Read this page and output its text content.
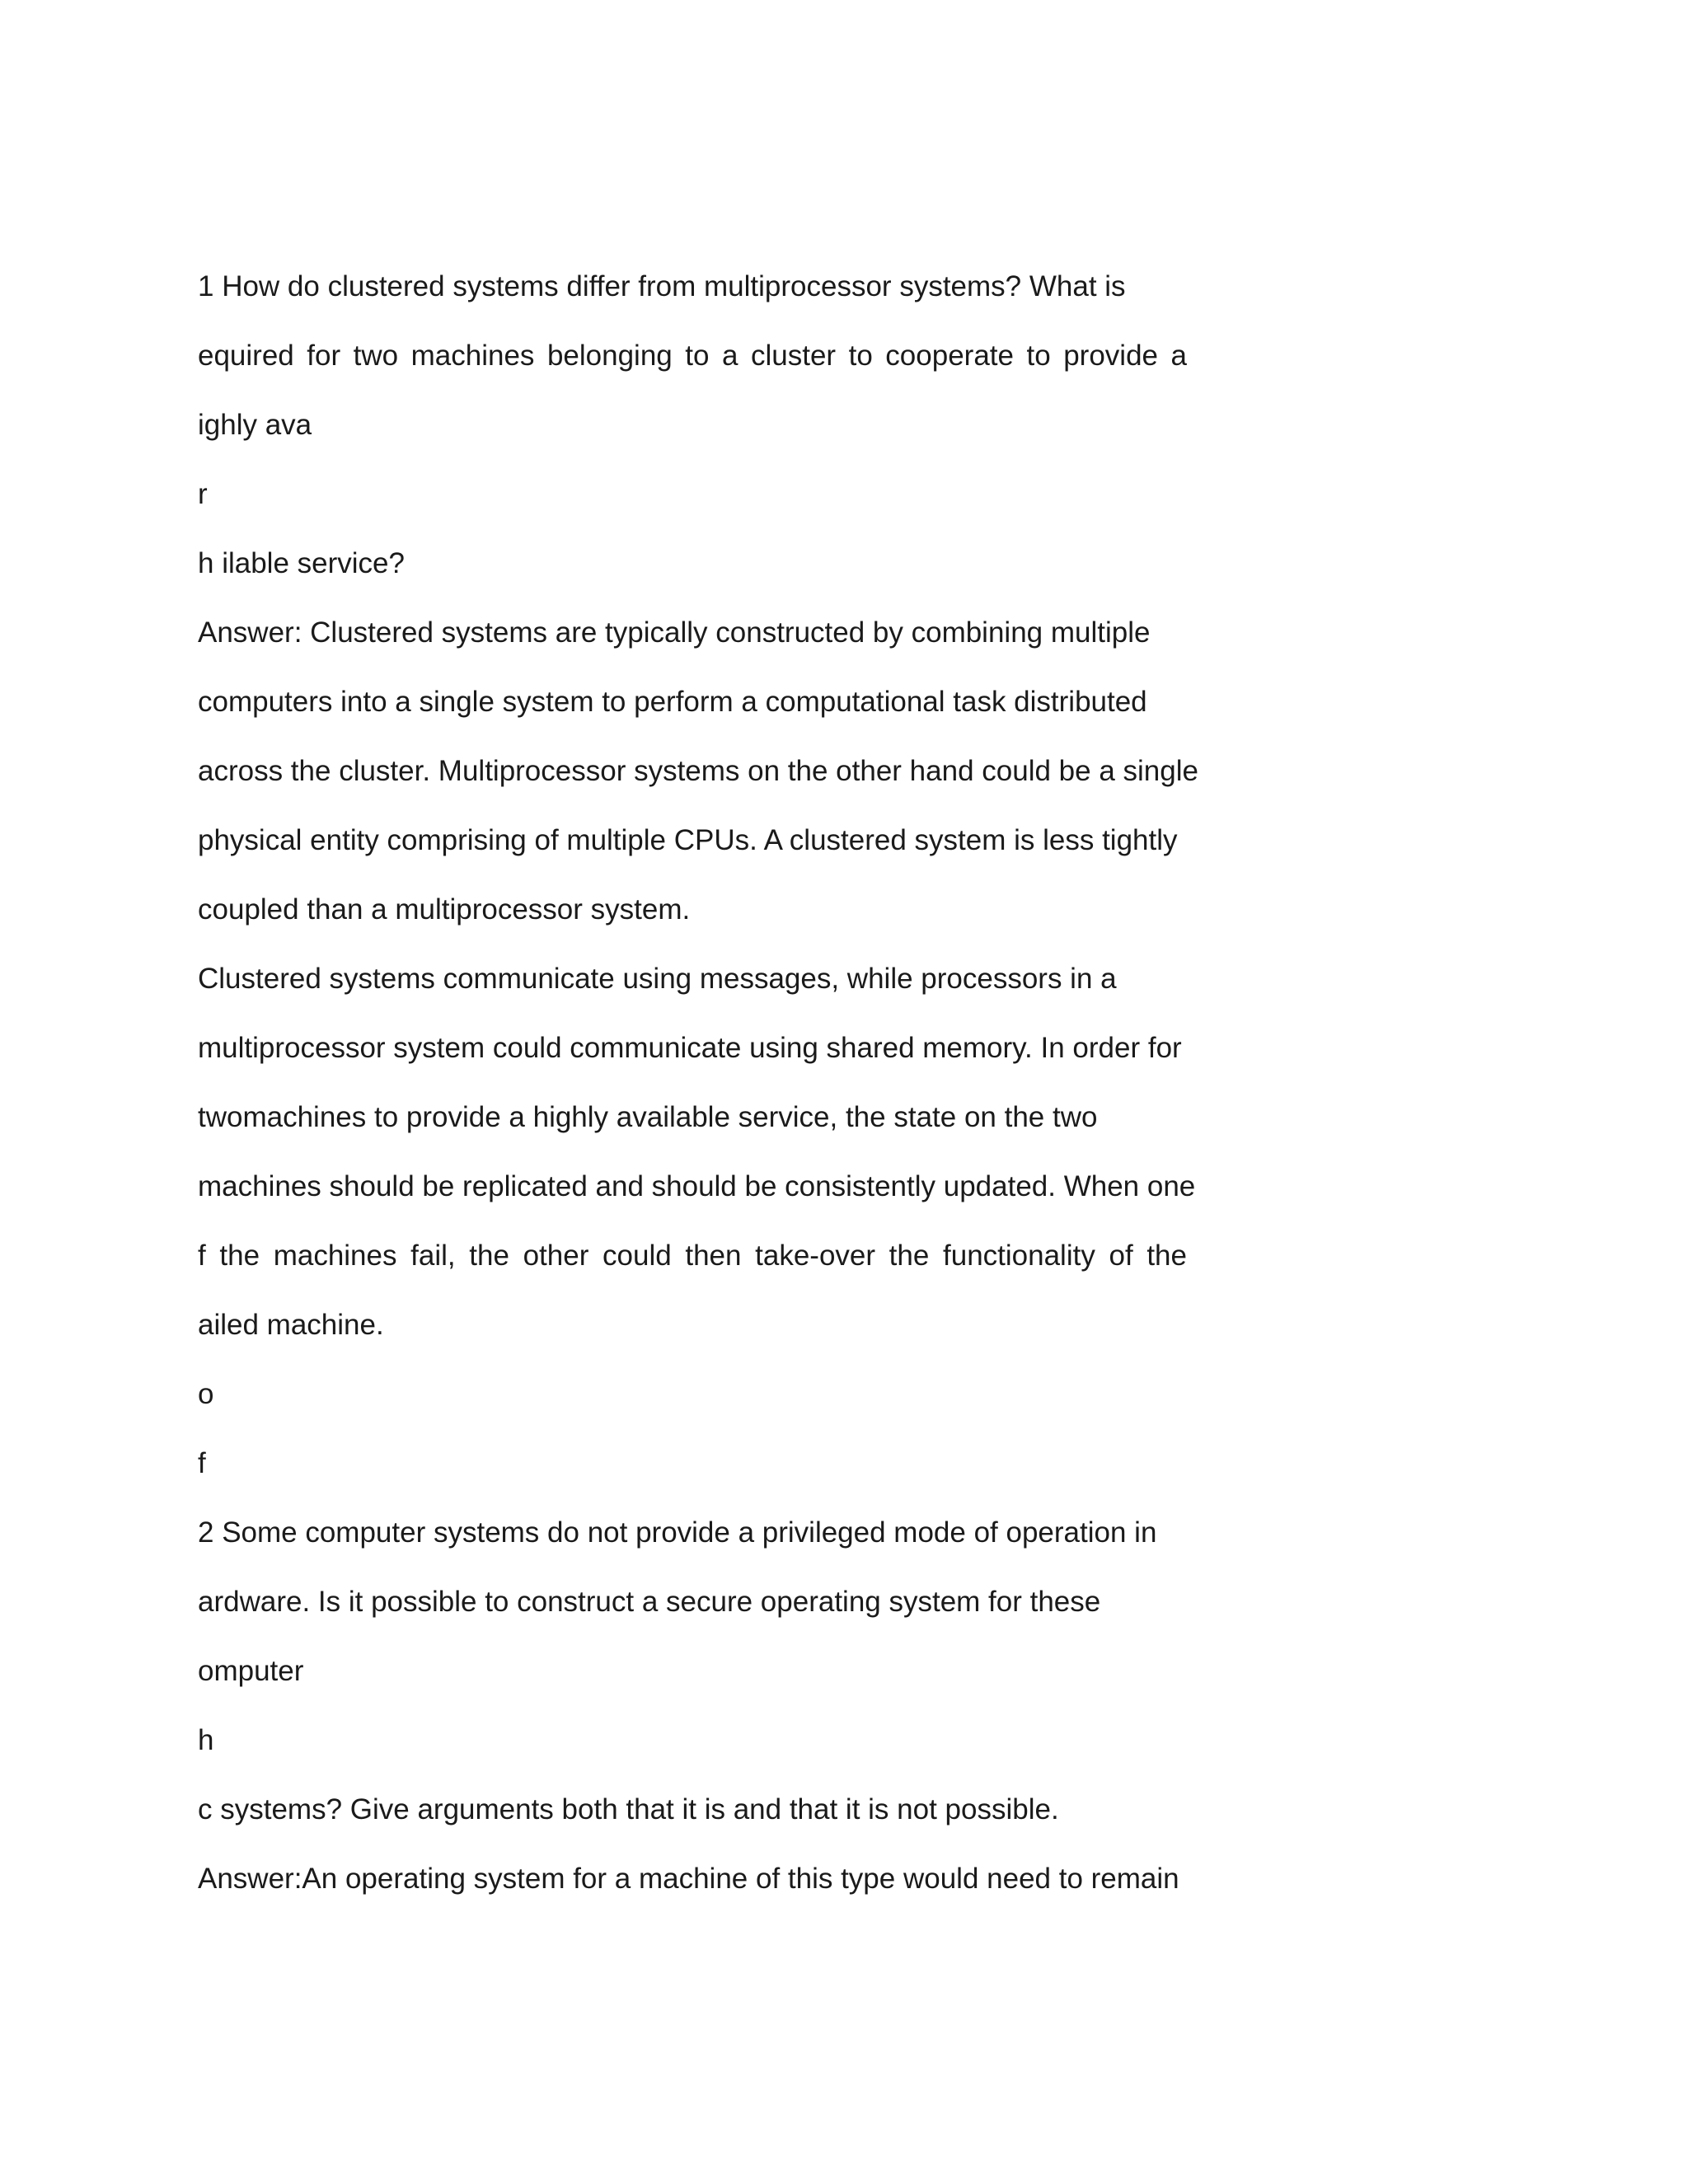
1 How do clustered systems differ from multiprocessor systems? What is
equired for two machines belonging to a cluster to cooperate to provide a
ighly ava
r
h ilable service?
Answer: Clustered systems are typically constructed by combining multiple
computers into a single system to perform a computational task distributed
across the cluster. Multiprocessor systems on the other hand could be a single
physical entity comprising of multiple CPUs. A clustered system is less tightly
coupled than a multiprocessor system.
Clustered systems communicate using messages, while processors in a
multiprocessor system could communicate using shared memory. In order for
twomachines to provide a highly available service, the state on the two
machines should be replicated and should be consistently updated. When one
f the machines fail, the other could then take-over the functionality of the
ailed machine.
o
f
2 Some computer systems do not provide a privileged mode of operation in
ardware. Is it possible to construct a secure operating system for these
omputer
h
c systems? Give arguments both that it is and that it is not possible.
Answer:An operating system for a machine of this type would need to remain
